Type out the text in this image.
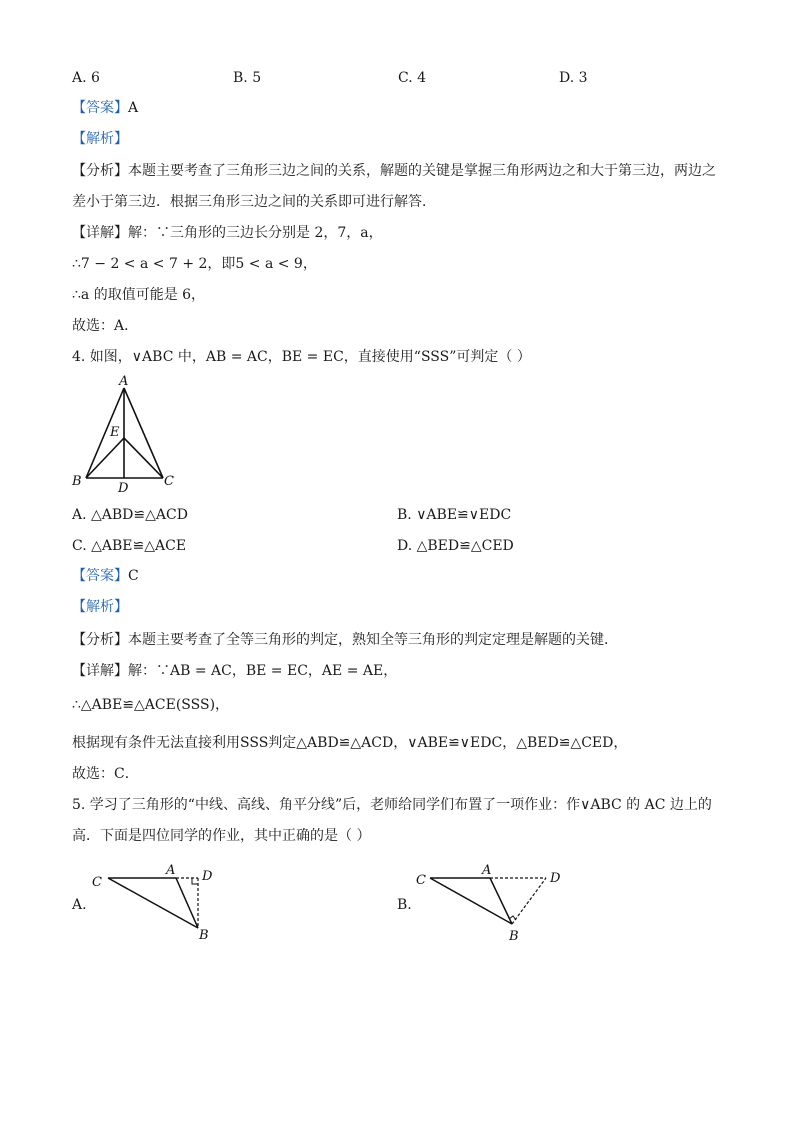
A. 6	B. 5	C. 4	D. 3
【答案】A
【解析】
【分析】本题主要考查了三角形三边之间的关系，解题的关键是掌握三角形两边之和大于第三边，两边之
差小于第三边．根据三角形三边之间的关系即可进行解答．
【详解】解：∵三角形的三边长分别是 2，7，a，
∴7 − 2 < a < 7 + 2，即5 < a < 9，
∴a 的取值可能是 6，
故选：A．
4. 如图，∨ABC 中，AB = AC，BE = EC，直接使用“SSS”可判定（ ）
A
E
B	D	C
A. △ABD≌△ACD	B. ∨ABE≌∨EDC
C. △ABE≌△ACE	D. △BED≌△CED
【答案】C
【解析】
【分析】本题主要考查了全等三角形的判定，熟知全等三角形的判定定理是解题的关键．
【详解】解：∵AB = AC，BE = EC，AE = AE，
∴△ABE≌△ACE(SSS)，
根据现有条件无法直接利用SSS判定△ABD≌△ACD，∨ABE≌∨EDC，△BED≌△CED，
故选：C．
5. 学习了三角形的“中线、高线、角平分线”后，老师给同学们布置了一项作业：作∨ABC 的 AC 边上的
高．下面是四位同学的作业，其中正确的是（ ）
A.
C
A D
B
B.
C
A
D
B
